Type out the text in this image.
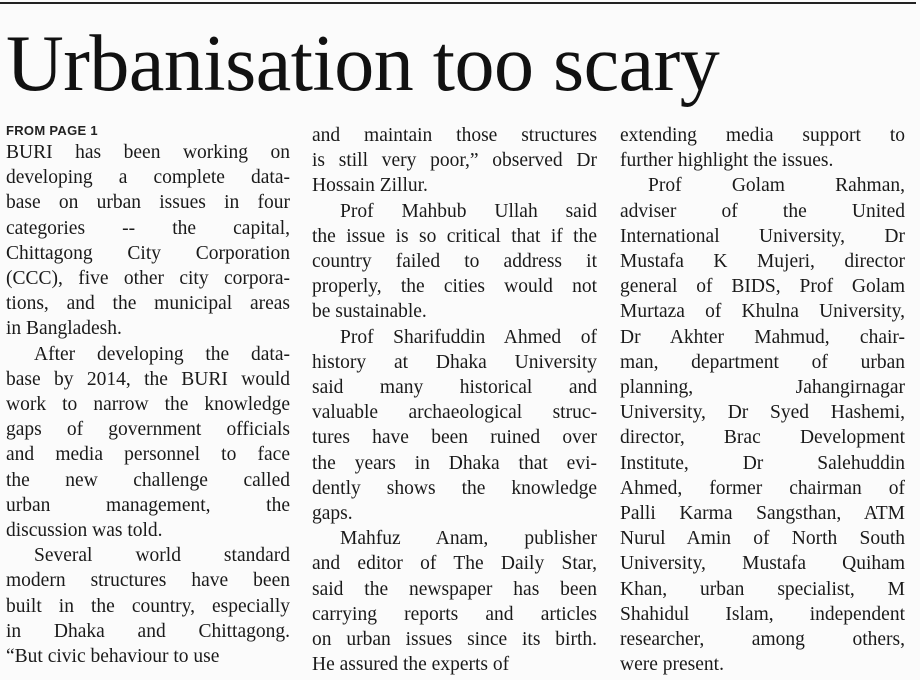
Urbanisation too scary
FROM PAGE 1
BURI has been working on
developing a complete data-
base on urban issues in four
categories -- the capital,
Chittagong City Corporation
(CCC), five other city corpora-
tions, and the municipal areas
in Bangladesh.
After developing the data-
base by 2014, the BURI would
work to narrow the knowledge
gaps of government officials
and media personnel to face
the new challenge called
urban management, the
discussion was told.
Several world standard
modern structures have been
built in the country, especially
in Dhaka and Chittagong.
“But civic behaviour to use
and maintain those structures
is still very poor,” observed Dr
Hossain Zillur.
Prof Mahbub Ullah said
the issue is so critical that if the
country failed to address it
properly, the cities would not
be sustainable.
Prof Sharifuddin Ahmed of
history at Dhaka University
said many historical and
valuable archaeological struc-
tures have been ruined over
the years in Dhaka that evi-
dently shows the knowledge
gaps.
Mahfuz Anam, publisher
and editor of The Daily Star,
said the newspaper has been
carrying reports and articles
on urban issues since its birth.
He assured the experts of
extending media support to
further highlight the issues.
Prof Golam Rahman,
adviser of the United
International University, Dr
Mustafa K Mujeri, director
general of BIDS, Prof Golam
Murtaza of Khulna University,
Dr Akhter Mahmud, chair-
man, department of urban
planning, Jahangirnagar
University, Dr Syed Hashemi,
director, Brac Development
Institute, Dr Salehuddin
Ahmed, former chairman of
Palli Karma Sangsthan, ATM
Nurul Amin of North South
University, Mustafa Quiham
Khan, urban specialist, M
Shahidul Islam, independent
researcher, among others,
were present.
